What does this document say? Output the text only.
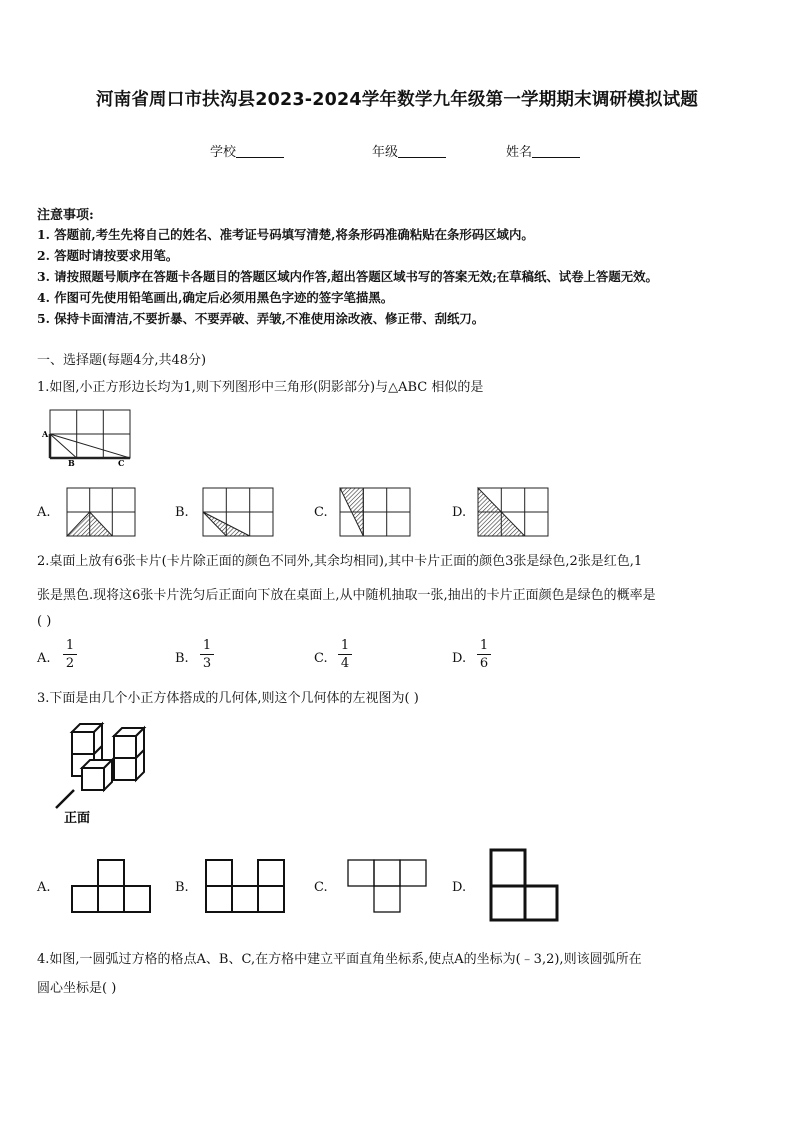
河南省周口市扶沟县2023-2024学年数学九年级第一学期期末调研模拟试题
学校	年级	姓名
注意事项:
1. 答题前,考生先将自己的姓名、准考证号码填写清楚,将条形码准确粘贴在条形码区域内。
2. 答题时请按要求用笔。
3. 请按照题号顺序在答题卡各题目的答题区域内作答,超出答题区域书写的答案无效;在草稿纸、试卷上答题无效。
4. 作图可先使用铅笔画出,确定后必须用黑色字迹的签字笔描黑。
5. 保持卡面清洁,不要折暴、不要弄破、弄皱,不准使用涂改液、修正带、刮纸刀。
一、选择题(每题4分,共48分)
1.如图,小正方形边长均为1,则下列图形中三角形(阴影部分)与△ABC 相似的是
A
B	C
A.	B.	C.	D.
2.桌面上放有6张卡片(卡片除正面的颜色不同外,其余均相同),其中卡片正面的颜色3张是绿色,2张是红色,1
张是黑色.现将这6张卡片洗匀后正面向下放在桌面上,从中随机抽取一张,抽出的卡片正面颜色是绿色的概率是
( )
A.
1
2	B.
1
3	C.
1
4	D.
1
6
3.下面是由几个小正方体搭成的几何体,则这个几何体的左视图为( )
正面
A.	B.	C.	D.
4.如图,一圆弧过方格的格点A、B、C,在方格中建立平面直角坐标系,使点A的坐标为(﹣3,2),则该圆弧所在
圆心坐标是( )
